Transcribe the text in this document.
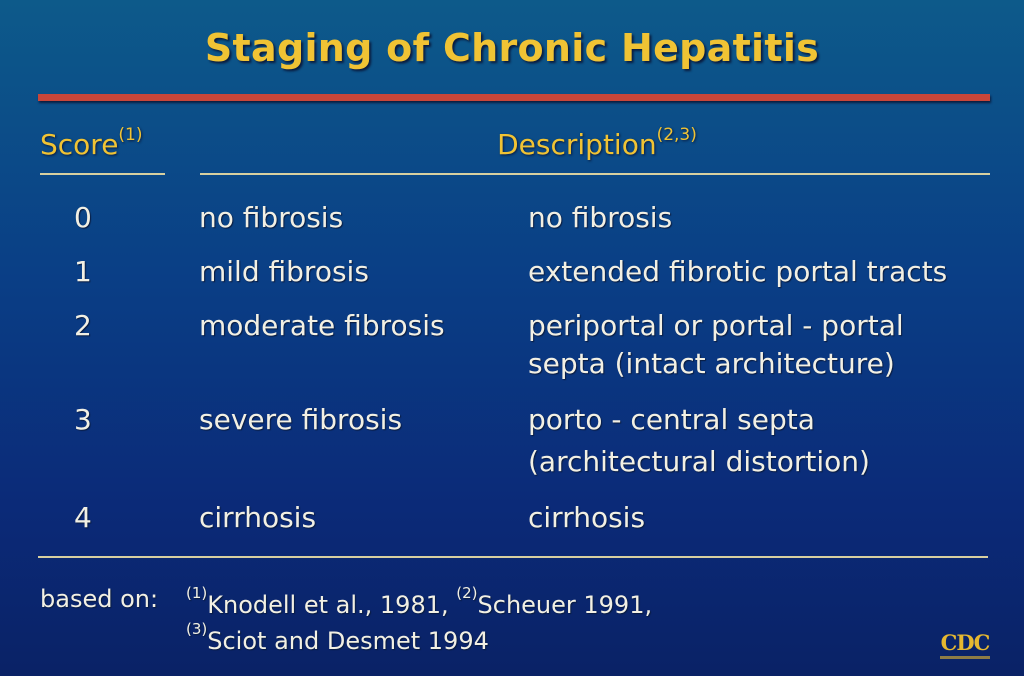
Staging of Chronic Hepatitis
Score$^{(1)}$	Description$^{(2,3)}$
0	no fibrosis	no fibrosis
1	mild fibrosis	extended fibrotic portal tracts
2	moderate fibrosis	periportal or portal - portal
septa (intact architecture)
3	severe fibrosis	porto - central septa
(architectural distortion)
4	cirrhosis	cirrhosis
based on: $^{(1)}$Knodell et al., 1981, $^{(2)}$Scheuer 1991,
$^{(3)}$Sciot and Desmet 1994	CDC
